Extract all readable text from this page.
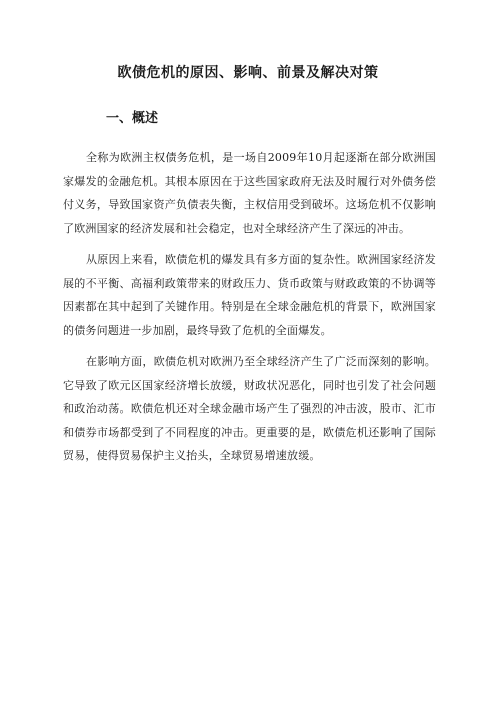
欧债危机的原因、影响、前景及解决对策
一、概述

全称为欧洲主权债务危机，是一场自2009年10月起逐渐在部分欧洲国家爆发的金融危机。其根本原因在于这些国家政府无法及时履行对外债务偿付义务，导致国家资产负债表失衡，主权信用受到破坏。这场危机不仅影响了欧洲国家的经济发展和社会稳定，也对全球经济产生了深远的冲击。

从原因上来看，欧债危机的爆发具有多方面的复杂性。欧洲国家经济发展的不平衡、高福利政策带来的财政压力、货币政策与财政政策的不协调等因素都在其中起到了关键作用。特别是在全球金融危机的背景下，欧洲国家的债务问题进一步加剧，最终导致了危机的全面爆发。

在影响方面，欧债危机对欧洲乃至全球经济产生了广泛而深刻的影响。它导致了欧元区国家经济增长放缓，财政状况恶化，同时也引发了社会问题和政治动荡。欧债危机还对全球金融市场产生了强烈的冲击波，股市、汇市和债券市场都受到了不同程度的冲击。更重要的是，欧债危机还影响了国际贸易，使得贸易保护主义抬头，全球贸易增速放缓。
